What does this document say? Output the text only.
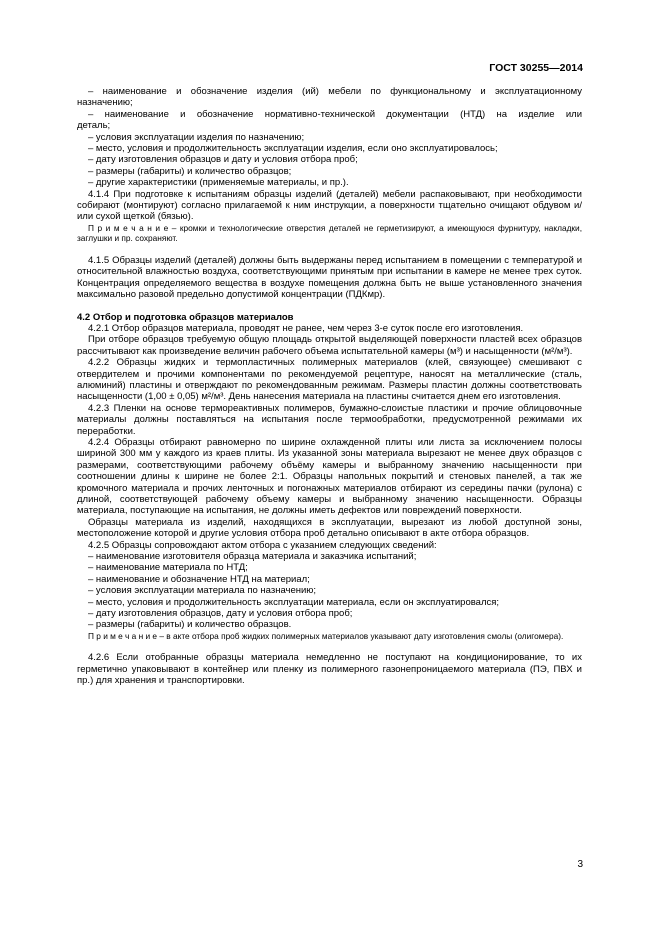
ГОСТ 30255—2014
– наименование и обозначение изделия (ий) мебели по функциональному и эксплуатационному
назначению;
– наименование и обозначение нормативно-технической документации (НТД) на изделие или
деталь;
– условия эксплуатации изделия по назначению;
– место, условия и продолжительность эксплуатации изделия, если оно эксплуатировалось;
– дату изготовления образцов и дату и условия отбора проб;
– размеры (габариты) и количество образцов;
– другие характеристики (применяемые материалы, и пр.).
4.1.4 При подготовке к испытаниям образцы изделий (деталей) мебели распаковывают, при необходимости собирают (монтируют) согласно прилагаемой к ним инструкции, а поверхности тщательно очищают обдувом и/или сухой щеткой (бязью).
П р и м е ч а н и е – кромки и технологические отверстия деталей не герметизируют, а имеющуюся фурнитуру, накладки, заглушки и пр. сохраняют.
4.1.5 Образцы изделий (деталей) должны быть выдержаны перед испытанием в помещении с температурой и относительной влажностью воздуха, соответствующими принятым при испытании в камере не менее трех суток. Концентрация определяемого вещества в воздухе помещения должна быть не выше установленного значения максимально разовой предельно допустимой концентрации (ПДКмр).
4.2 Отбор и подготовка образцов материалов
4.2.1 Отбор образцов материала, проводят не ранее, чем через 3-е суток после его изготовления.
При отборе образцов требуемую общую площадь открытой выделяющей поверхности пластей всех образцов рассчитывают как произведение величин рабочего объема испытательной камеры (м³) и насыщенности (м²/м³).
4.2.2 Образцы жидких и термопластичных полимерных материалов (клей, связующее) смешивают с отвердителем и прочими компонентами по рекомендуемой рецептуре, наносят на металлические (сталь, алюминий) пластины и отверждают по рекомендованным режимам. Размеры пластин должны соответствовать насыщенности (1,00 ± 0,05) м²/м³. День нанесения материала на пластины считается днем его изготовления.
4.2.3 Пленки на основе термореактивных полимеров, бумажно-слоистые пластики и прочие облицовочные материалы должны поставляться на испытания после термообработки, предусмотренной режимами их переработки.
4.2.4 Образцы отбирают равномерно по ширине охлажденной плиты или листа за исключением полосы шириной 300 мм у каждого из краев плиты. Из указанной зоны материала вырезают не менее двух образцов с размерами, соответствующими рабочему объёму камеры и выбранному значению насыщенности при соотношении длины к ширине не более 2:1. Образцы напольных покрытий и стеновых панелей, а так же кромочного материала и прочих ленточных и погонажных материалов отбирают из середины пачки (рулона) с длиной, соответствующей рабочему объему камеры и выбранному значению насыщенности. Образцы материала, поступающие на испытания, не должны иметь дефектов или повреждений поверхности.
Образцы материала из изделий, находящихся в эксплуатации, вырезают из любой доступной зоны, местоположение которой и другие условия отбора проб детально описывают в акте отбора образцов.
4.2.5 Образцы сопровождают актом отбора с указанием следующих сведений:
– наименование изготовителя образца материала и заказчика испытаний;
– наименование материала по НТД;
– наименование и обозначение НТД на материал;
– условия эксплуатации материала по назначению;
– место, условия и продолжительность эксплуатации материала, если он эксплуатировался;
– дату изготовления образцов, дату и условия отбора проб;
– размеры (габариты) и количество образцов.
П р и м е ч а н и е – в акте отбора проб жидких полимерных материалов указывают дату изготовления смолы (олигомера).
4.2.6 Если отобранные образцы материала немедленно не поступают на кондиционирование, то их герметично упаковывают в контейнер или пленку из полимерного газонепроницаемого материала (ПЭ, ПВХ и пр.) для хранения и транспортировки.
3
